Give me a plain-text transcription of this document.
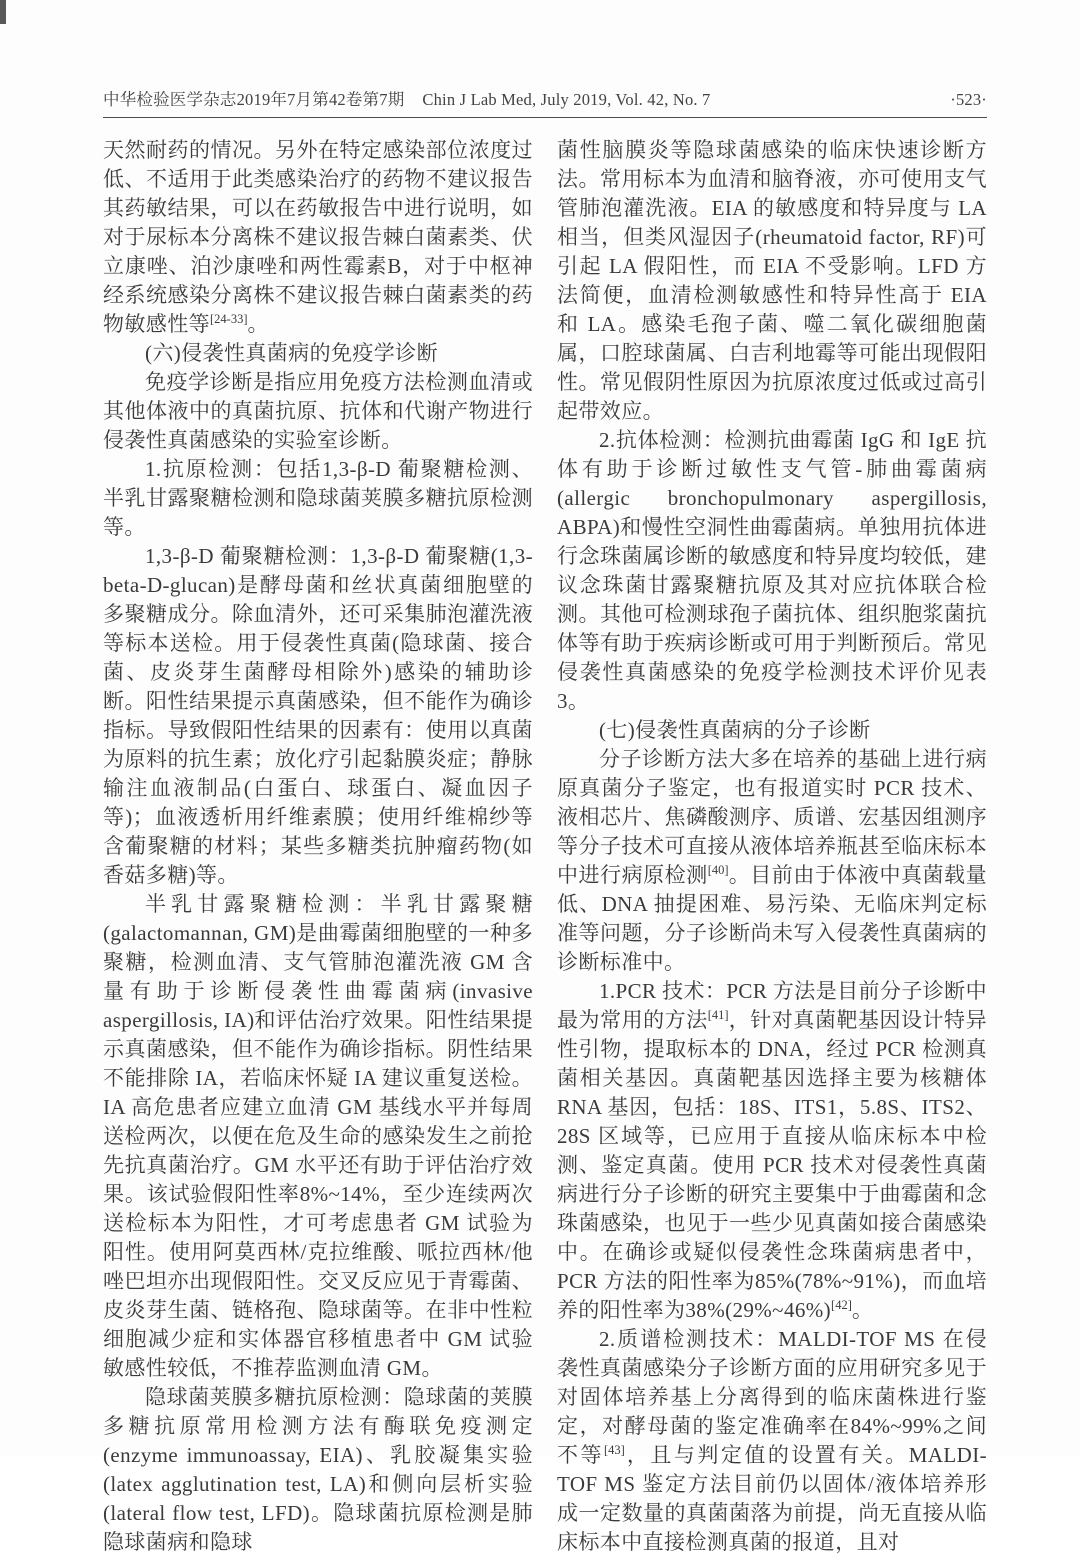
中华检验医学杂志2019年7月第42卷第7期 Chin J Lab Med, July 2019, Vol. 42, No. 7	·523·

天然耐药的情况。另外在特定感染部位浓度过低、不适用于此类感染治疗的药物不建议报告其药敏结果，可以在药敏报告中进行说明，如对于尿标本分离株不建议报告棘白菌素类、伏立康唑、泊沙康唑和两性霉素B，对于中枢神经系统感染分离株不建议报告棘白菌素类的药物敏感性等[24-33]。

(六)侵袭性真菌病的免疫学诊断

免疫学诊断是指应用免疫方法检测血清或其他体液中的真菌抗原、抗体和代谢产物进行侵袭性真菌感染的实验室诊断。

1.抗原检测：包括1,3-β-D 葡聚糖检测、半乳甘露聚糖检测和隐球菌荚膜多糖抗原检测等。

1,3-β-D 葡聚糖检测：1,3-β-D 葡聚糖(1,3-beta-D-glucan)是酵母菌和丝状真菌细胞壁的多聚糖成分。除血清外，还可采集肺泡灌洗液等标本送检。用于侵袭性真菌(隐球菌、接合菌、皮炎芽生菌酵母相除外)感染的辅助诊断。阳性结果提示真菌感染，但不能作为确诊指标。导致假阳性结果的因素有：使用以真菌为原料的抗生素；放化疗引起黏膜炎症；静脉输注血液制品(白蛋白、球蛋白、凝血因子等)；血液透析用纤维素膜；使用纤维棉纱等含葡聚糖的材料；某些多糖类抗肿瘤药物(如香菇多糖)等。

半乳甘露聚糖检测：半乳甘露聚糖(galactomannan, GM)是曲霉菌细胞壁的一种多聚糖，检测血清、支气管肺泡灌洗液 GM 含量有助于诊断侵袭性曲霉菌病(invasive aspergillosis, IA)和评估治疗效果。阳性结果提示真菌感染，但不能作为确诊指标。阴性结果不能排除 IA，若临床怀疑 IA 建议重复送检。IA 高危患者应建立血清 GM 基线水平并每周送检两次，以便在危及生命的感染发生之前抢先抗真菌治疗。GM 水平还有助于评估治疗效果。该试验假阳性率8%~14%，至少连续两次送检标本为阳性，才可考虑患者 GM 试验为阳性。使用阿莫西林/克拉维酸、哌拉西林/他唑巴坦亦出现假阳性。交叉反应见于青霉菌、皮炎芽生菌、链格孢、隐球菌等。在非中性粒细胞减少症和实体器官移植患者中 GM 试验敏感性较低，不推荐监测血清 GM。

隐球菌荚膜多糖抗原检测：隐球菌的荚膜多糖抗原常用检测方法有酶联免疫测定(enzyme immunoassay, EIA)、乳胶凝集实验(latex agglutination test, LA)和侧向层析实验(lateral flow test, LFD)。隐球菌抗原检测是肺隐球菌病和隐球

菌性脑膜炎等隐球菌感染的临床快速诊断方法。常用标本为血清和脑脊液，亦可使用支气管肺泡灌洗液。EIA 的敏感度和特异度与 LA 相当，但类风湿因子(rheumatoid factor, RF)可引起 LA 假阳性，而 EIA 不受影响。LFD 方法简便，血清检测敏感性和特异性高于 EIA 和 LA。感染毛孢子菌、噬二氧化碳细胞菌属，口腔球菌属、白吉利地霉等可能出现假阳性。常见假阴性原因为抗原浓度过低或过高引起带效应。

2.抗体检测：检测抗曲霉菌 IgG 和 IgE 抗体有助于诊断过敏性支气管-肺曲霉菌病(allergic bronchopulmonary aspergillosis, ABPA)和慢性空洞性曲霉菌病。单独用抗体进行念珠菌属诊断的敏感度和特异度均较低，建议念珠菌甘露聚糖抗原及其对应抗体联合检测。其他可检测球孢子菌抗体、组织胞浆菌抗体等有助于疾病诊断或可用于判断预后。常见侵袭性真菌感染的免疫学检测技术评价见表3。

(七)侵袭性真菌病的分子诊断

分子诊断方法大多在培养的基础上进行病原真菌分子鉴定，也有报道实时 PCR 技术、液相芯片、焦磷酸测序、质谱、宏基因组测序等分子技术可直接从液体培养瓶甚至临床标本中进行病原检测[40]。目前由于体液中真菌载量低、DNA 抽提困难、易污染、无临床判定标准等问题，分子诊断尚未写入侵袭性真菌病的诊断标准中。

1.PCR 技术：PCR 方法是目前分子诊断中最为常用的方法[41]，针对真菌靶基因设计特异性引物，提取标本的 DNA，经过 PCR 检测真菌相关基因。真菌靶基因选择主要为核糖体 RNA 基因，包括：18S、ITS1，5.8S、ITS2、28S 区域等，已应用于直接从临床标本中检测、鉴定真菌。使用 PCR 技术对侵袭性真菌病进行分子诊断的研究主要集中于曲霉菌和念珠菌感染，也见于一些少见真菌如接合菌感染中。在确诊或疑似侵袭性念珠菌病患者中，PCR 方法的阳性率为85%(78%~91%)，而血培养的阳性率为38%(29%~46%)[42]。

2.质谱检测技术：MALDI-TOF MS 在侵袭性真菌感染分子诊断方面的应用研究多见于对固体培养基上分离得到的临床菌株进行鉴定，对酵母菌的鉴定准确率在84%~99%之间不等[43]，且与判定值的设置有关。MALDI-TOF MS 鉴定方法目前仍以固体/液体培养形成一定数量的真菌菌落为前提，尚无直接从临床标本中直接检测真菌的报道，且对
